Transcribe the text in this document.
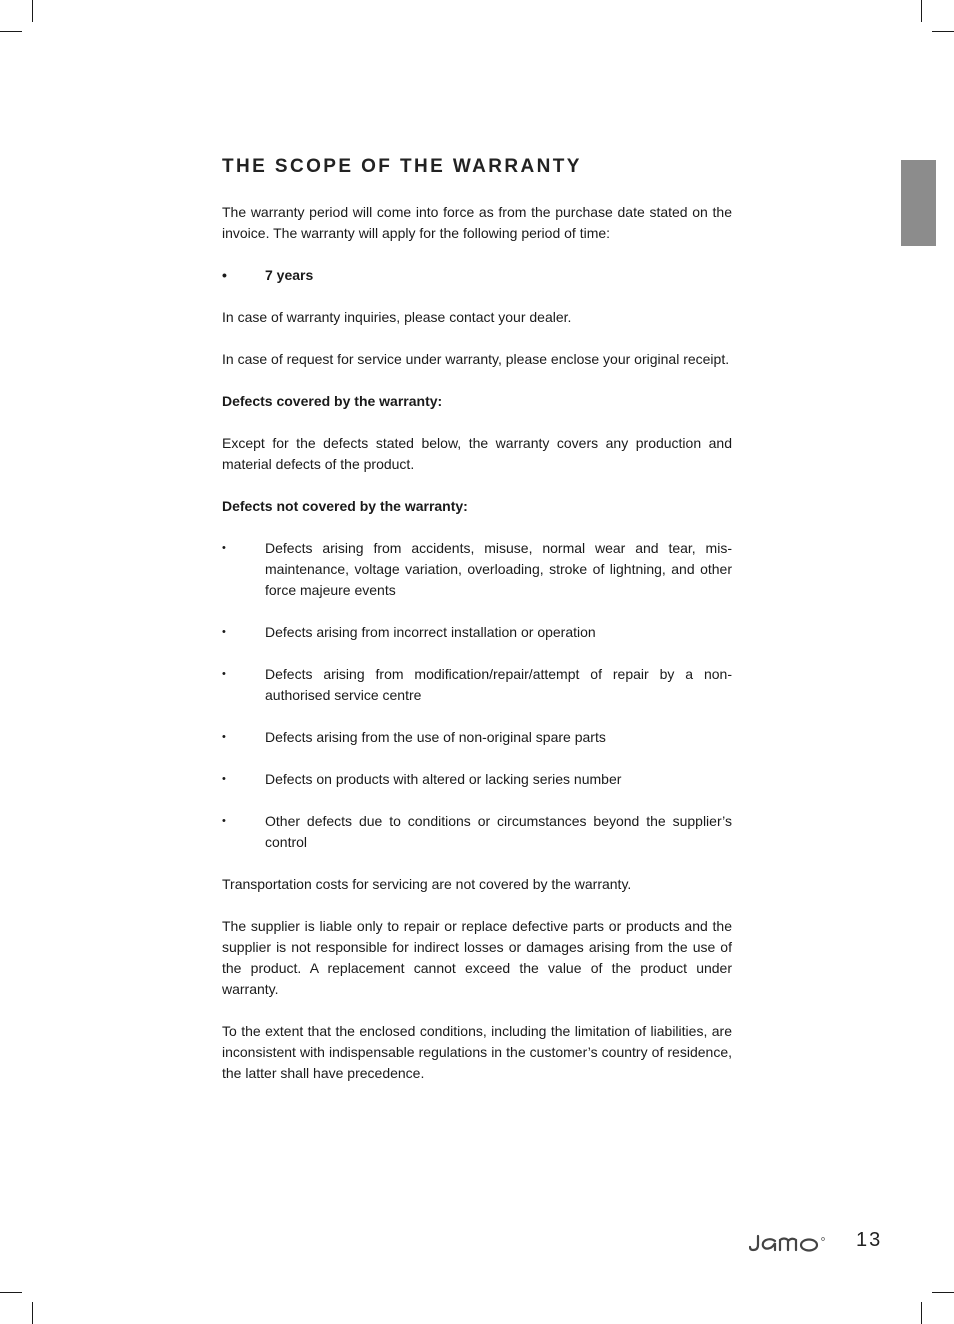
THE SCOPE OF THE WARRANTY

The warranty period will come into force as from the purchase date stated on the invoice. The warranty will apply for the following period of time:

•	7 years

In case of warranty inquiries, please contact your dealer.

In case of request for service under warranty, please enclose your original receipt.

Defects covered by the warranty:

Except for the defects stated below, the warranty covers any production and material defects of the product.

Defects not covered by the warranty:

•	Defects arising from accidents, misuse, normal wear and tear, mis-maintenance, voltage variation, overloading, stroke of lightning, and other force majeure events
•	Defects arising from incorrect installation or operation
•	Defects arising from modification/repair/attempt of repair by a non-authorised service centre
•	Defects arising from the use of non-original spare parts
•	Defects on products with altered or lacking series number
•	Other defects due to conditions or circumstances beyond the supplier’s control

Transportation costs for servicing are not covered by the warranty.

The supplier is liable only to repair or replace defective parts or products and the supplier is not responsible for indirect losses or damages arising from the use of the product. A replacement cannot exceed the value of the product under warranty.

To the extent that the enclosed conditions, including the limitation of liabilities, are inconsistent with indispensable regulations in the customer’s country of residence, the latter shall have precedence.

13
